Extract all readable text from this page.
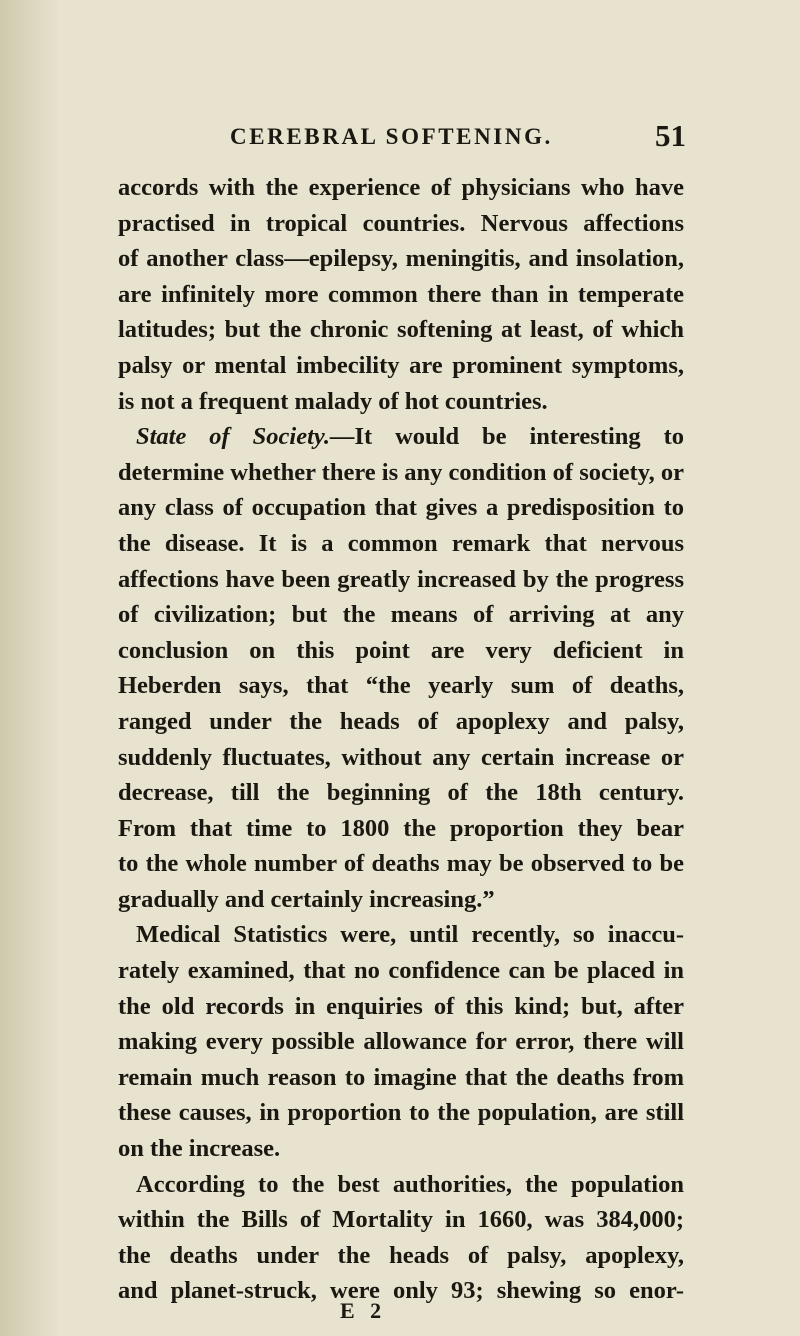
CEREBRAL SOFTENING.	51
accords with the experience of physicians who have
practised in tropical countries. Nervous affections
of another class—epilepsy, meningitis, and insolation,
are infinitely more common there than in temperate
latitudes; but the chronic softening at least, of which
palsy or mental imbecility are prominent symptoms,
is not a frequent malady of hot countries.
State of Society.—It would be interesting to
determine whether there is any condition of society, or
any class of occupation that gives a predisposition to
the disease. It is a common remark that nervous
affections have been greatly increased by the progress
of civilization; but the means of arriving at any
conclusion on this point are very deficient in
Heberden says, that “the yearly sum of deaths,
ranged under the heads of apoplexy and palsy,
suddenly fluctuates, without any certain increase or
decrease, till the beginning of the 18th century.
From that time to 1800 the proportion they bear
to the whole number of deaths may be observed to be
gradually and certainly increasing.”
Medical Statistics were, until recently, so inaccu-
rately examined, that no confidence can be placed in
the old records in enquiries of this kind; but, after
making every possible allowance for error, there will
remain much reason to imagine that the deaths from
these causes, in proportion to the population, are still
on the increase.
According to the best authorities, the population
within the Bills of Mortality in 1660, was 384,000;
the deaths under the heads of palsy, apoplexy,
and planet-struck, were only 93; shewing so enor-
E 2
